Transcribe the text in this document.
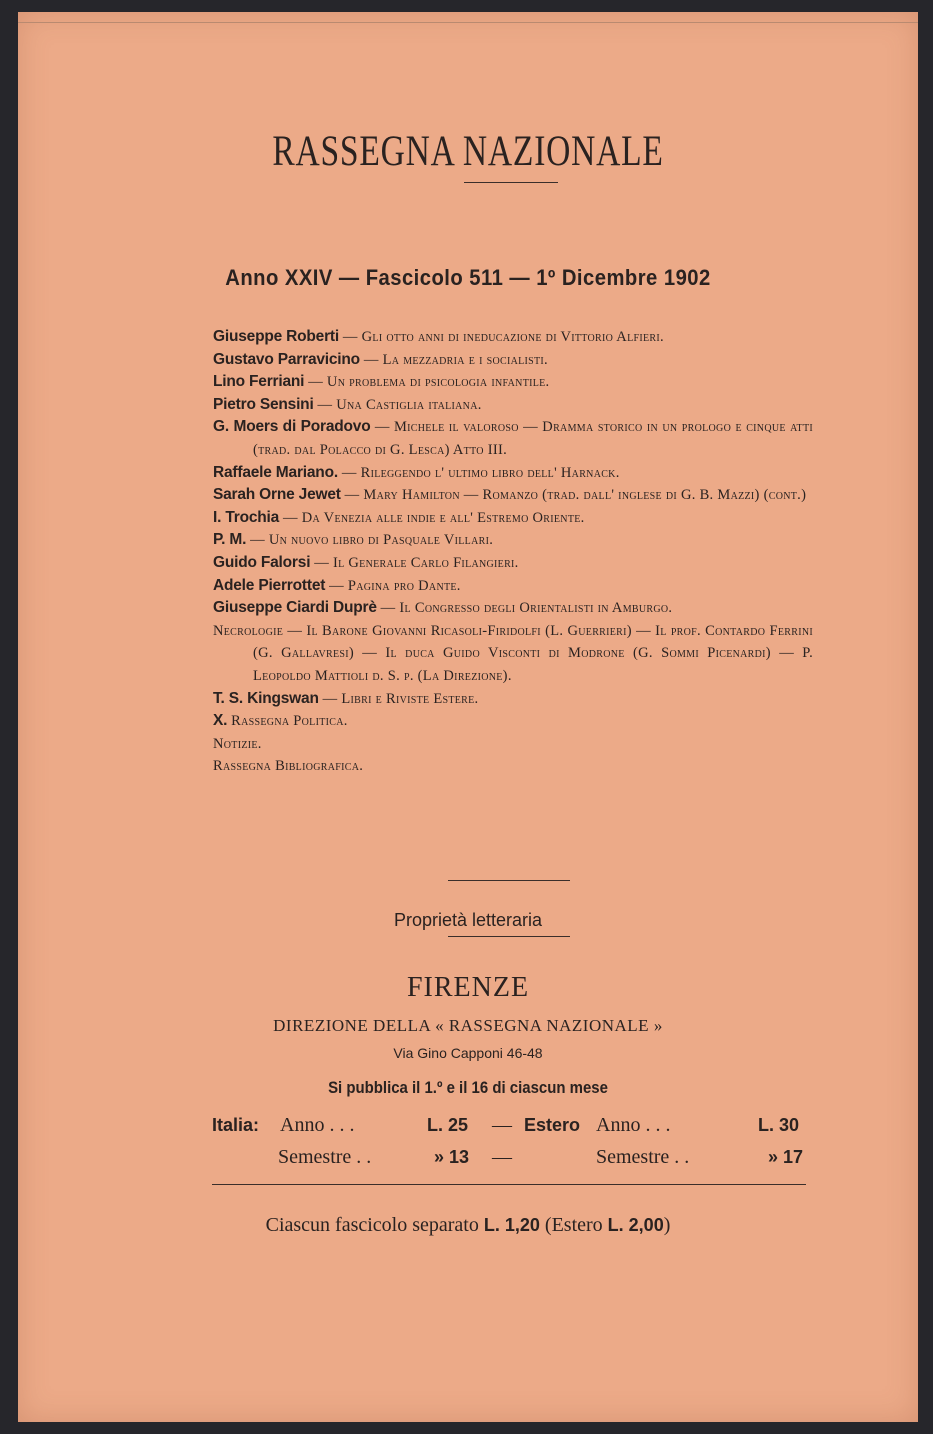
RASSEGNA NAZIONALE
Anno XXIV — Fascicolo 511 — 1º Dicembre 1902
Giuseppe Roberti — Gli otto anni di ineducazione di Vittorio Alfieri.
Gustavo Parravicino — La mezzadria e i socialisti.
Lino Ferriani — Un problema di psicologia infantile.
Pietro Sensini — Una Castiglia italiana.
G. Moers di Poradovo — Michele il valoroso — Dramma storico in un prologo e cinque atti (trad. dal Polacco di G. Lesca) Atto III.
Raffaele Mariano. — Rileggendo l' ultimo libro dell' Harnack.
Sarah Orne Jewet — Mary Hamilton — Romanzo (trad. dall' inglese di G. B. Mazzi) (cont.)
I. Trochia — Da Venezia alle indie e all' Estremo Oriente.
P. M. — Un nuovo libro di Pasquale Villari.
Guido Falorsi — Il Generale Carlo Filangieri.
Adele Pierrottet — Pagina pro Dante.
Giuseppe Ciardi Duprè — Il Congresso degli Orientalisti in Amburgo.
Necrologie — Il Barone Giovanni Ricasoli-Firidolfi (L. Guerrieri) — Il prof. Contardo Ferrini (G. Gallavresi) — Il duca Guido Visconti di Modrone (G. Sommi Picenardi) — P. Leopoldo Mattioli d. S. p. (La Direzione).
T. S. Kingswan — Libri e Riviste Estere.
X. Rassegna Politica.
Notizie.
Rassegna Bibliografica.
Proprietà letteraria
FIRENZE
DIREZIONE DELLA « RASSEGNA NAZIONALE »
Via Gino Capponi 46-48
Si pubblica il 1.º e il 16 di ciascun mese
Italia: Anno . . .	L. 25 — Estero Anno . . .	L. 30
Semestre . .	» 13 —	Semestre . .	» 17
Ciascun fascicolo separato L. 1,20 (Estero L. 2,00)
